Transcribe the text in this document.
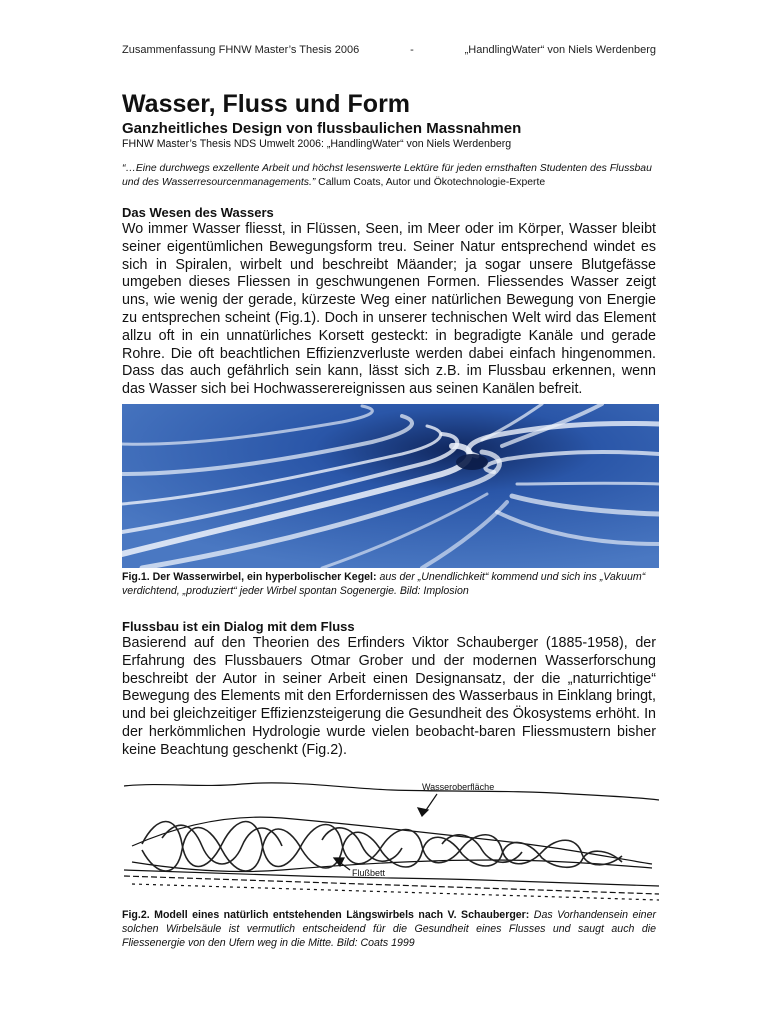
Zusammenfassung FHNW Master’s Thesis 2006	-	„HandlingWater“ von Niels Werdenberg
Wasser, Fluss und Form

Ganzheitliches Design von flussbaulichen Massnahmen

FHNW Master’s Thesis NDS Umwelt 2006: „HandlingWater“ von Niels Werdenberg

“…Eine durchwegs exzellente Arbeit und höchst lesenswerte Lektüre für jeden ernsthaften Studenten des Flussbau und des Wasserresourcenmanagements.” Callum Coats, Autor und Ökotechnologie-Experte

Das Wesen des Wassers

Wo immer Wasser fliesst, in Flüssen, Seen, im Meer oder im Körper, Wasser bleibt seiner eigentümlichen Bewegungsform treu. Seiner Natur entsprechend windet es sich in Spiralen, wirbelt und beschreibt Mäander; ja sogar unsere Blutgefässe umgeben dieses Fliessen in geschwungenen Formen. Fliessendes Wasser zeigt uns, wie wenig der gerade, kürzeste Weg einer natürlichen Bewegung von Energie zu entsprechen scheint (Fig.1). Doch in unserer technischen Welt wird das Element allzu oft in ein unnatürliches Korsett gesteckt: in begradigte Kanäle und gerade Rohre. Die oft beachtlichen Effizienzverluste werden dabei einfach hingenommen. Dass das auch gefährlich sein kann, lässt sich z.B. im Flussbau erkennen, wenn das Wasser sich bei Hochwasserereignissen aus seinen Kanälen befreit.

Fig.1. Der Wasserwirbel, ein hyperbolischer Kegel: aus der „Unendlichkeit“ kommend und sich ins „Vakuum“ verdichtend, „produziert“ jeder Wirbel spontan Sogenergie. Bild: Implosion

Flussbau ist ein Dialog mit dem Fluss

Basierend auf den Theorien des Erfinders Viktor Schauberger (1885-1958), der Erfahrung des Flussbauers Otmar Grober und der modernen Wasserforschung beschreibt der Autor in seiner Arbeit einen Designansatz, der die „naturrichtige“ Bewegung des Elements mit den Erfordernissen des Wasserbaus in Einklang bringt, und bei gleichzeitiger Effizienzsteigerung die Gesundheit des Ökosystems erhöht. In der herkömmlichen Hydrologie wurde vielen beobacht-baren Fliessmustern bisher keine Beachtung geschenkt (Fig.2).

Wasseroberfläche
Flußbett

Fig.2. Modell eines natürlich entstehenden Längswirbels nach V. Schauberger: Das Vorhandensein einer solchen Wirbelsäule ist vermutlich entscheidend für die Gesundheit eines Flusses und saugt auch die Fliessenergie von den Ufern weg in die Mitte. Bild: Coats 1999
